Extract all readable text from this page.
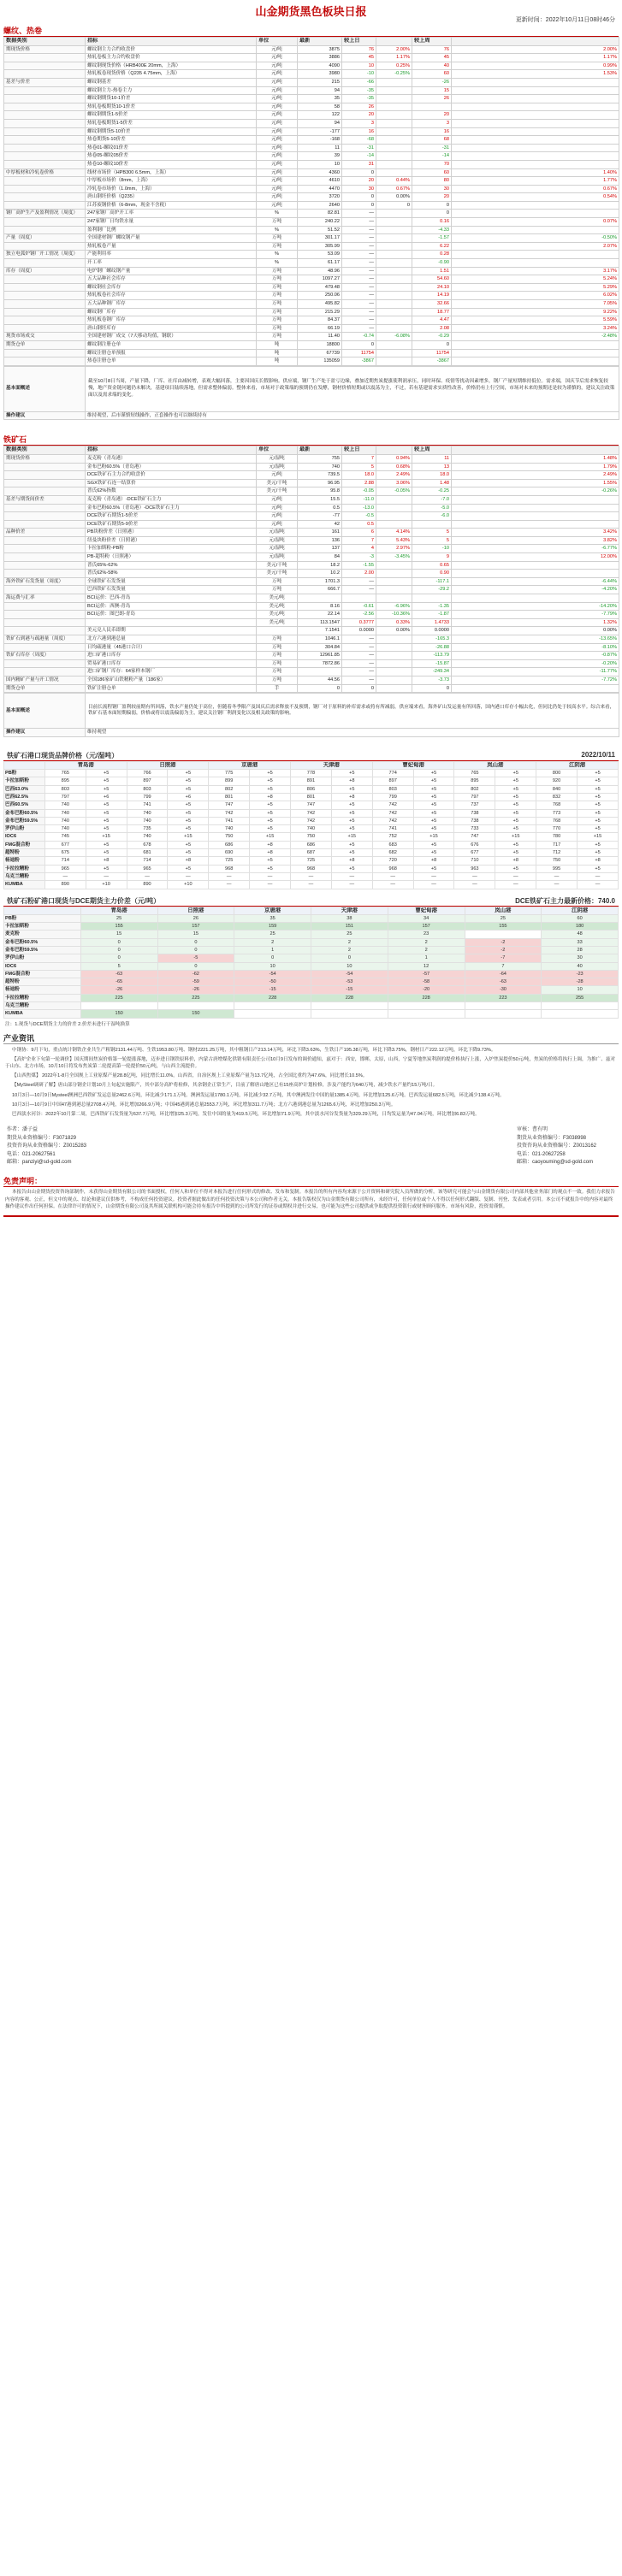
山金期货黑色板块日报
更新时间：2022年10月11日08时46分
螺纹、热卷
数据类别	指标	单位	最新	较上日		较上周	
期现货价格	螺纹钢主力合约收盘价	元/吨	3875	76	2.00%	76	2.00%
	热轧卷板主力合约收盘价	元/吨	3886	45	1.17%	45	1.17%
	螺纹钢现货价格（HRB400E 20mm，上海）	元/吨	4090	10	0.25%	40	0.99%
	热轧板卷现货价格（Q235 4.75mm，上海）	元/吨	3980	-10	-0.25%	60	1.53%
基差与价差	螺纹钢基差	元/吨	215	-66		-26	
	螺纹钢主力-热卷主力	元/吨	94	-35		15	
	螺纹钢期货10-1价差	元/吨	35	-35		26	
	热轧卷板期货10-1价差	元/吨	58	26			
	螺纹钢期货1-5价差	元/吨	122	20		20	
	热轧卷板期货1-5价差	元/吨	94	3		3	
	螺纹钢期货5-10价差	元/吨	-177	16		16	
	热卷期货5-10价差	元/吨	-168	-68		68	
	热卷01-螺纹01价差	元/吨	11	-31		-31	
	热卷05-螺纹05价差	元/吨	39	-14		-14	
	热卷10-螺纹10价差	元/吨	10	31		70	
中厚板材和冷轧卷价格	线材市场价（HPB300 6.5mm，上海）	元/吨	4360	0		60	1.40%
	中厚板市场价（8mm，上海）	元/吨	4610	20	0.44%	80	1.77%
	冷轧卷市场价（1.0mm，上海）	元/吨	4470	30	0.67%	30	0.67%
	唐山钢坯价格（Q235）	元/吨	3720	0	0.00%	20	0.54%
	江苏废钢价格（6-8mm，现金不含税）	元/吨	2640	0	0	0	
钢厂高炉生产及盈利情况（周度）	247家钢厂高炉开工率	%	82.81	—		0	
	247家钢厂日均铁水量	万吨	240.22	—		0.16	0.07%
	盈利钢厂比例	%	51.52	—		-4.33	
产量（周度）	全国建材钢厂螺纹钢产量	万吨	301.17	—		-1.57	-0.50%
	热轧板卷产量	万吨	305.99	—		6.22	2.07%
独立电弧炉钢厂开工情况（周度）	产能利用率	%	53.09	—		0.28	
	开工率	%	61.17	—		-0.90	
库存（周度）	电炉钢厂螺纹钢产量	万吨	48.96	—		1.51	3.17%
	五大品种社会库存	万吨	1097.27	—		54.60	5.24%
	螺纹钢社会库存	万吨	479.48	—		24.10	5.29%
	热轧板卷社会库存	万吨	250.06	—		14.19	6.02%
	五大品种钢厂库存	万吨	495.82	—		32.66	7.05%
	螺纹钢厂库存	万吨	215.29	—		18.77	9.22%
	热轧板卷钢厂库存	万吨	84.37	—		4.47	5.59%
	唐山钢坯库存	万吨	66.19	—		2.08	3.24%
现货市场成交	全国建材钢厂成交（7天移动均值，钢联）	万吨	11.40	-0.74	-6.08%	-0.29	-2.48%
期货仓单	螺纹钢注册仓单	吨	18800	0		0	
	螺纹注册仓单预报	吨	67739	11754		11754	
	热卷注册仓单	吨	135059	-3867		-3867	
基本面概述	截至10月8日当周，产量下降，厂库、社库由减转增，表观大幅回落，主要因国庆长假影响。供应端，钢厂生产处于盈亏边缘，叠加近期焦炭提涨使利润承压，同时环保、疫情等扰动因素增多，钢厂产量短期维持低位。需求端，国庆节后需求恢复较慢，地产资金链问题仍未解决，基建项目陆续落地，但需求整体偏弱。整体来看，市场对于政策端的预期仍在发酵，钢材价格短期或以震荡为主，不过，若有基建需求实质性改善，价格仍有上行空间，市场对未来的预期还是较为谨慎的，建议关注政策面以及需求端的变化。
操作建议	维持观望，后市谨慎短线操作，正套操作也可以继续持有
铁矿石
数据类别	指标	单位	最新	较上日		较上周	
期现货价格	麦克粉（青岛港）	元/湿吨	755	7	0.94%	11	1.48%
	金布巴粉60.5%（青岛港）	元/湿吨	740	5	0.68%	13	1.79%
	DCE铁矿石主力合约收盘价	元/吨	739.5	18.0	2.49%	18.0	2.49%
	SGX铁矿石连一结算价	美元/干吨	96.95	2.88	3.06%	1.48	1.55%
	普氏62%指数	美元/干吨	95.8	-0.05	-0.05%	-0.25	-0.26%
基差与期货间价差	麦克粉（青岛港）-DCE铁矿石主力	元/吨	15.5	-11.0		-7.0	
	金布巴粉60.5%（青岛港）-DCE铁矿石主力	元/吨	0.5	-13.0		-5.0	
	DCE铁矿石期货1-5价差	元/吨	-77	-0.5		-6.0	
	DCE铁矿石期货5-9价差	元/吨	42	0.5			
品种价差	PB块粉价差（日照港）	元/湿吨	161	6	4.14%	5	3.42%
	纽曼块粉价差（日照港）	元/湿吨	136	7	5.43%	5	3.82%
	卡拉加斯粉-PB粉	元/湿吨	137	4	2.97%	-10	-6.77%
	PB-超特粉（日照港）	元/湿吨	84	-3	-3.45%	9	12.00%
	普氏65%-62%	美元/干吨	18.2	-1.55		0.65	
	普氏62%-58%	美元/干吨	10.2	2.00		0.90	
海外铁矿石发货量（周度）	全球铁矿石发货量	万吨	1701.3	—		-117.1	-6.44%
	巴西铁矿石发货量	万吨	666.7	—		-29.2	-4.20%
海运费与汇率	BCI运价：巴西-青岛	美元/吨					
	BCI运价：西澳-青岛	美元/吨	8.16	-0.61	-6.96%	-1.35	-14.20%
	BCI运价：图巴朗-青岛	美元/吨	22.14	-2.56	-10.36%	-1.87	-7.79%
		美元/吨	113.1547	0.3777	0.33%	1.4733	1.32%
	美元兑人民币即期		7.1541	0.0000	0.00%	0.0000	0.00%
铁矿石到港与疏港量（周度）	北方六港到港总量	万吨	1046.1	—		-165.3	-13.65%
	日均疏港量（45港口合计）	万吨	304.84	—		-26.88	-8.10%
铁矿石库存（周度）	进口矿港口库存	万吨	12961.85	—		-113.79	-0.87%
	贸易矿港口库存	万吨	7872.86	—		-15.87	-0.20%
	进口矿钢厂库存：64家样本钢厂	万吨		—		-249.34	-11.77%
国内精矿产量与开工情况	全国186家矿山铁精粉产量（186家）	万吨	44.56	—		-3.73	-7.72%
期货仓单	铁矿注册仓单	手	0	0		0	
基本面概述	目前长流程钢厂盈利较前期有所回落，铁水产量仍处于高位，但随着冬季限产及国庆后需求释放不及预期，钢厂对于原料的补库需求或将有所减弱，供应端来看，海外矿山发运量有所回落，国内港口库存小幅去化，但同比仍处于较高水平。综合来看，铁矿石基本面短期偏弱，价格或将以震荡偏弱为主，建议关注钢厂利润变化以及相关政策的影响。
操作建议	维持观望
铁矿石港口现货品牌价格（元/湿吨）	2022/10/11
	青岛港		日照港		京唐港		天津港		曹妃甸港		岚山港		江阴港	
PB粉	765	+5	766	+5	775	+5	778	+5	774	+5	765	+5	800	+5
卡拉加斯粉	895	+5	897	+5	899	+5	891	+8	897	+5	895	+5	920	+5
巴西63.0%	803	+5	803	+5	802	+5	806	+5	803	+5	802	+5	840	+5
巴西62.5%	797	+6	799	+6	801	+8	801	+8	799	+5	797	+5	832	+5
巴西60.5%	740	+5	741	+5	747	+5	747	+5	742	+5	737	+5	768	+5
金布巴粉60.5%	740	+5	740	+5	742	+5	742	+5	742	+5	738	+5	773	+5
金布巴粉59.5%	740	+5	740	+5	741	+5	742	+5	742	+5	738	+5	768	+5
罗伊山粉	740	+5	735	+5	740	+5	740	+5	741	+5	733	+5	770	+5
IOC6	745	+15	740	+15	750	+15	750	+15	752	+15	747	+15	780	+15
FMG混合粉	677	+5	678	+5	686	+8	686	+5	683	+5	676	+5	717	+5
超特粉	675	+5	681	+5	690	+8	687	+5	682	+5	677	+5	712	+5
杨迪粉	714	+8	714	+8	725	+5	725	+8	720	+8	710	+8	750	+8
卡拉拉精粉	965	+5	965	+5	968	+5	968	+5	968	+5	963	+5	995	+5
乌克兰精粉	—	—	—	—	—	—	—	—	—	—	—	—	—	—
KUMBA	890	+10	890	+10	—	—	—	—	—	—	—	—	—	—
铁矿石粉矿港口现货与DCE期货主力价差（元/吨）	DCE铁矿石主力最新价格：740.0
	青岛港	日照港	京唐港	天津港	曹妃甸港	岚山港	江阴港
PB粉	25	26	35	38	34	25	60
卡拉加斯粉	155	157	159	151	157	155	180
麦克粉	15	15	25	25	23		48
金布巴粉60.5%	0	0	2	2	2	-2	33
金布巴粉59.5%	0	0	1	2	2	-2	28
罗伊山粉	0	-5	0	0	1	-7	30
IOC6	5	0	10	10	12	7	40
FMG混合粉	-63	-62	-54	-54	-57	-64	-23
超特粉	-65	-59	-50	-53	-58	-63	-28
杨迪粉	-26	-26	-15	-15	-20	-30	10
卡拉拉精粉	225	225	228	228	228	223	255
乌克兰精粉							
KUMBA	150	150					
注：1.现货与DCE期货主力的价差 2.价差未进行干湿吨换算
产业资讯

中钢协：9月下旬，重点统计钢铁企业共生产粗钢2131.44万吨、生铁1953.80万吨、钢材2221.25万吨，其中粗钢日产213.14万吨，环比下降3.63%，生铁日产195.38万吨，环比下降3.75%，钢材日产222.12万吨，环比下降9.73%。

【高炉企业下旬第一轮调价】国庆期间焦炭价格第一轮提涨落地，迈步进日钢铁原料价，内蒙古唐增煤化供销有限责任公司10月9日发布的调价通知，兹对于：西安，邯郸，太原，山西，宁夏等地焦炭利润的提价格执行上涨，入炉焦炭提价50元/吨，焦炭的价格将执行上调，为推广、兹对于山东、北方市场，10月10日将发布焦炭第二轮提高第一轮提价50元/吨，与山西主流提价。

【山西焦煤】 2022年1-8月全国规上工业原煤产量28.8亿吨，同比增长11.0%。山西省，自治区规上工业原煤产量为13.7亿吨，占全国比重约为47.6%，同比增长10.5%。

【MySteel调研了解】唐山部分钢企计划10月上旬起实施限产，其中部分高炉将检修，其余钢企正常生产，目前了解唐山地区已有15座高炉计划检修，涉及产能约为640万吨，减少铁水产量约15万吨/日。

10月3日—10月9日Mysteel澳洲巴西铁矿发运总量2462.6万吨，环比减少171.1万吨。澳洲发运量1780.1万吨，环比减少32.7万吨，其中澳洲发往中国的量1385.4万吨，环比增加125.6万吨。巴西发运量682.5万吨，环比减少138.4万吨。

10月3日—10月9日中国47港到港总量2708.4万吨，环比增加266.9万吨；中国45港到港总量2553.7万吨，环比增加311.7万吨；北方六港到港总量为1265.6万吨，环比增加250.3万吨。

巴西淡水河谷：2022年10月第二周，巴西铁矿石发货量为637.7万吨，环比增加25.3万吨，发往中国的量为419.5万吨，环比增加71.9万吨，其中淡水河谷发货量为329.29万吨，日均发运量为47.04万吨，环比增加6.83万吨。

作者：潘子益
期货从业资格编号：F3071829
投资咨询从业资格编号：Z0015283
电话：021-20627561
邮箱：panziyi@sd-gold.com
审核：曹有明
期货从业资格编号：F3038998
投资咨询从业资格编号：Z0013162
电话：021-20627258
邮箱：caoyouming@sd-gold.com
免责声明：
本报告由山金期货投资咨询部制作，未获得山金期货有限公司的书面授权，任何人和单位不得对本报告进行任何形式的修改、发布和复制。本报告的所有内容均来源于公开资料和研究院人员所做的分析。该等研究可能会与山金期货有限公司内部其他业务部门的观点不一致。我们力求报告内容的客观、公正，但文中的观点、结论和建议仅供参考，不构成任何投资建议。投资者据此做出的任何投资决策与本公司和作者无关。本报告版权仅为山金期货有限公司所有，未经许可，任何单位或个人不得以任何形式翻版、复制、刊登、发表或者引用。本公司不就报告中的内容对最终操作建议作出任何担保。在法律许可的情况下，山金期货有限公司及其所属关联机构可能会持有报告中所提到的公司所发行的证券或期权并进行交易，也可能为这些公司提供或争取提供投资银行或财务顾问服务。市场有风险，投资需谨慎。
